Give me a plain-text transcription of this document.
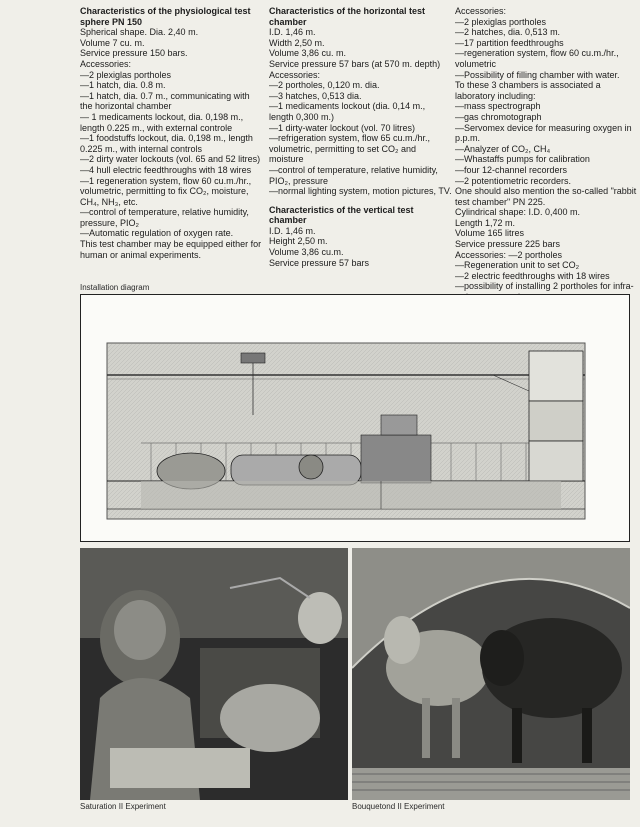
Characteristics of the physiological test sphere PN 150

Spherical shape. Dia. 2,40 m.

Volume 7 cu. m.

Service pressure 150 bars.

Accessories:

—2 plexiglas portholes

—1 hatch, dia. 0.8 m.

—1 hatch, dia. 0.7 m., communicating with the horizontal chamber

— 1 medicaments lockout, dia. 0,198 m., length 0.225 m., with external controle

—1 foodstuffs lockout, dia. 0,198 m., length 0.225 m., with internal controls

—2 dirty water lockouts (vol. 65 and 52 litres)

—4 hull electric feedthroughs with 18 wires

—1 regeneration system, flow 60 cu.m./hr., volumetric, permitting to fix CO₂, moisture, CH₄, NH₃, etc.

—control of temperature, relative humidity, pressure, PIO₂

—Automatic regulation of oxygen rate.

This test chamber may be equipped either for human or animal experiments.

Characteristics of the horizontal test chamber

I.D. 1,46 m.

Width 2,50 m.

Volume 3,86 cu. m.

Service pressure 57 bars (at 570 m. depth)

Accessories:

—2 portholes, 0,120 m. dia.

—3 hatches, 0,513 dia.

—1 medicaments lockout (dia. 0,14 m., length 0,300 m.)

—1 dirty-water lockout (vol. 70 litres)

—refrigeration system, flow 65 cu.m./hr., volumetric, permitting to set CO₂ and moisture

—control of temperature, relative humidity, PIO₂, pressure

—normal lighting system, motion pictures, TV.

Characteristics of the vertical test chamber

I.D. 1,46 m.

Height 2,50 m.

Volume 3,86 cu.m.

Service pressure 57 bars

Accessories:

—2 plexiglas portholes

—2 hatches, dia. 0,513 m.

—17 partition feedthroughs

—regeneration system, flow 60 cu.m./hr., volumetric

—Possibility of filling chamber with water.

To these 3 chambers is associated a laboratory including:

—mass spectrograph

—gas chromotograph

—Servomex device for measuring oxygen in p.p.m.

—Analyzer of CO₂, CH₄

—Whastaffs pumps for calibration

—four 12-channel recorders

—2 potentiometric recorders.

One should also mention the so-called "rabbit test chamber" PN 225.

Cylindrical shape: I.D. 0,400 m.

Length 1,72 m.

Volume 165 litres

Service pressure 225 bars

Accessories: —2 portholes

—Regeneration unit to set CO₂

—2 electric feedthroughs with 18 wires

—possibility of installing 2 portholes for infra-

Installation diagram
Saturation II Experiment	Bouquetond II Experiment
